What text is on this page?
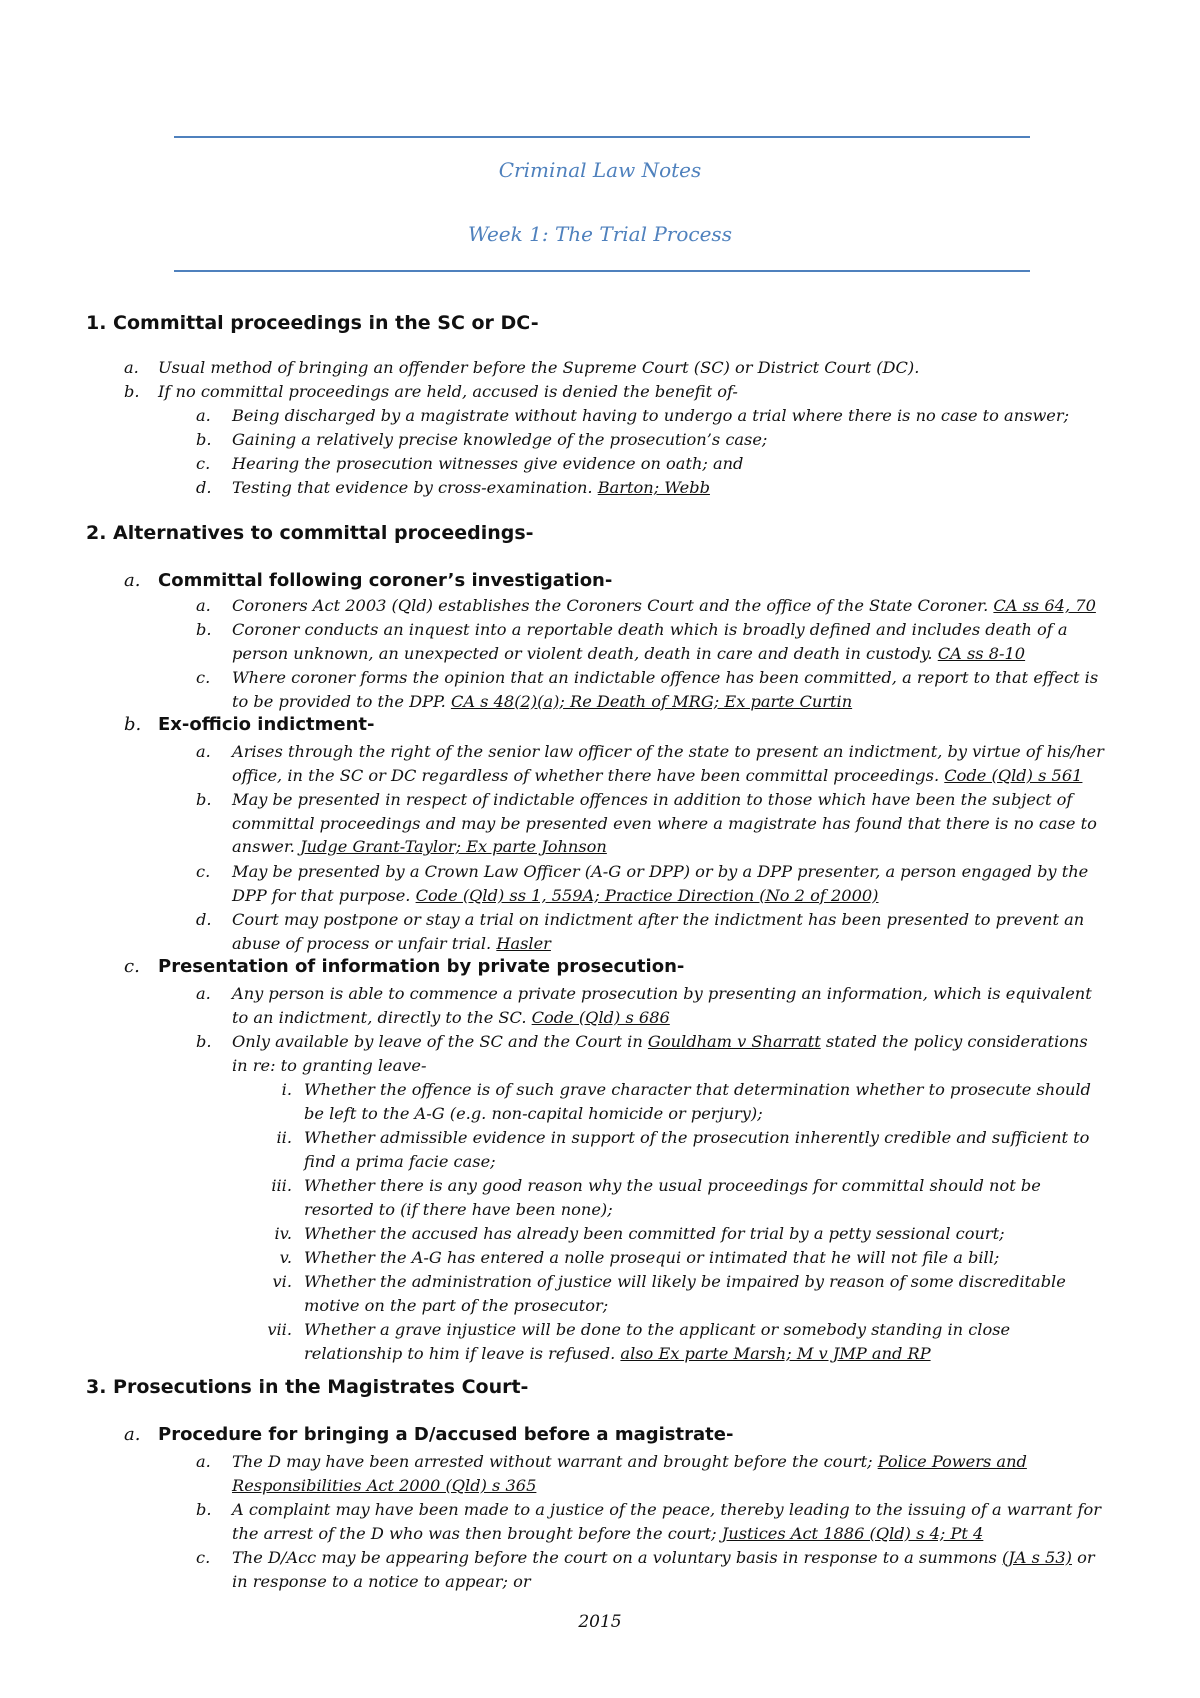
Criminal Law Notes
Week 1: The Trial Process
1. Committal proceedings in the SC or DC-
a.	Usual method of bringing an offender before the Supreme Court (SC) or District Court (DC).
b.	If no committal proceedings are held, accused is denied the benefit of-
a.	Being discharged by a magistrate without having to undergo a trial where there is no case to answer;
b.	Gaining a relatively precise knowledge of the prosecution’s case;
c.	Hearing the prosecution witnesses give evidence on oath; and
d.	Testing that evidence by cross-examination. Barton; Webb
2. Alternatives to committal proceedings-
a. Committal following coroner’s investigation-
a.	Coroners Act 2003 (Qld) establishes the Coroners Court and the office of the State Coroner. CA ss 64, 70
b.	Coroner conducts an inquest into a reportable death which is broadly defined and includes death of a person unknown, an unexpected or violent death, death in care and death in custody. CA ss 8-10
c.	Where coroner forms the opinion that an indictable offence has been committed, a report to that effect is to be provided to the DPP. CA s 48(2)(a); Re Death of MRG; Ex parte Curtin
b. Ex-officio indictment-
a.	Arises through the right of the senior law officer of the state to present an indictment, by virtue of his/her office, in the SC or DC regardless of whether there have been committal proceedings. Code (Qld) s 561
b.	May be presented in respect of indictable offences in addition to those which have been the subject of committal proceedings and may be presented even where a magistrate has found that there is no case to answer. Judge Grant-Taylor; Ex parte Johnson
c.	May be presented by a Crown Law Officer (A-G or DPP) or by a DPP presenter, a person engaged by the DPP for that purpose. Code (Qld) ss 1, 559A; Practice Direction (No 2 of 2000)
d.	Court may postpone or stay a trial on indictment after the indictment has been presented to prevent an abuse of process or unfair trial. Hasler
c. Presentation of information by private prosecution-
a.	Any person is able to commence a private prosecution by presenting an information, which is equivalent to an indictment, directly to the SC. Code (Qld) s 686
b.	Only available by leave of the SC and the Court in Gouldham v Sharratt stated the policy considerations in re: to granting leave-
i. Whether the offence is of such grave character that determination whether to prosecute should be left to the A-G (e.g. non-capital homicide or perjury);
ii. Whether admissible evidence in support of the prosecution inherently credible and sufficient to find a prima facie case;
iii. Whether there is any good reason why the usual proceedings for committal should not be resorted to (if there have been none);
iv. Whether the accused has already been committed for trial by a petty sessional court;
v. Whether the A-G has entered a nolle prosequi or intimated that he will not file a bill;
vi. Whether the administration of justice will likely be impaired by reason of some discreditable motive on the part of the prosecutor;
vii. Whether a grave injustice will be done to the applicant or somebody standing in close relationship to him if leave is refused. also Ex parte Marsh; M v JMP and RP
3. Prosecutions in the Magistrates Court-
a. Procedure for bringing a D/accused before a magistrate-
a.	The D may have been arrested without warrant and brought before the court; Police Powers and Responsibilities Act 2000 (Qld) s 365
b.	A complaint may have been made to a justice of the peace, thereby leading to the issuing of a warrant for the arrest of the D who was then brought before the court; Justices Act 1886 (Qld) s 4; Pt 4
c.	The D/Acc may be appearing before the court on a voluntary basis in response to a summons (JA s 53) or in response to a notice to appear; or
2015
